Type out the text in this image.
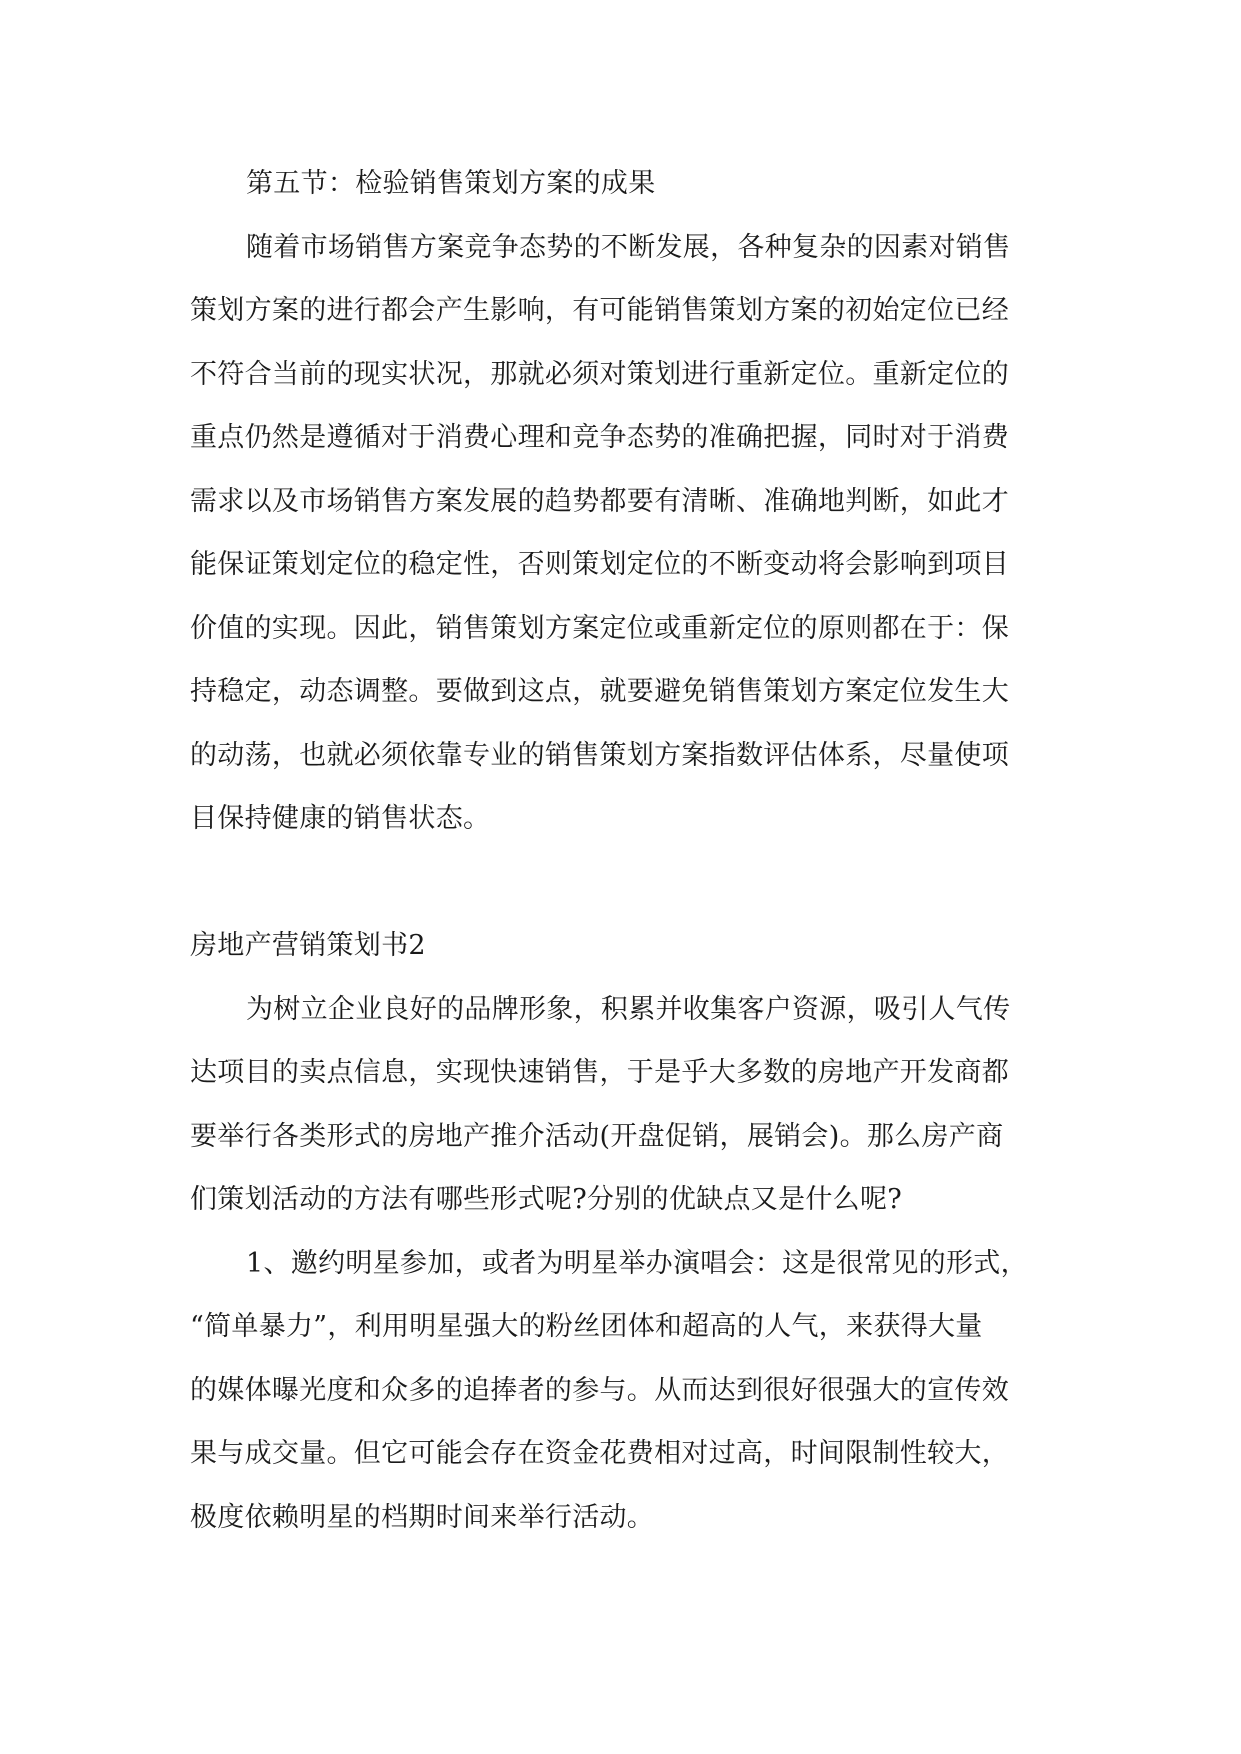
第五节：检验销售策划方案的成果
随着市场销售方案竞争态势的不断发展，各种复杂的因素对销售
策划方案的进行都会产生影响，有可能销售策划方案的初始定位已经
不符合当前的现实状况，那就必须对策划进行重新定位。重新定位的
重点仍然是遵循对于消费心理和竞争态势的准确把握，同时对于消费
需求以及市场销售方案发展的趋势都要有清晰、准确地判断，如此才
能保证策划定位的稳定性，否则策划定位的不断变动将会影响到项目
价值的实现。因此，销售策划方案定位或重新定位的原则都在于：保
持稳定，动态调整。要做到这点，就要避免销售策划方案定位发生大
的动荡，也就必须依靠专业的销售策划方案指数评估体系，尽量使项
目保持健康的销售状态。
房地产营销策划书2
为树立企业良好的品牌形象，积累并收集客户资源，吸引人气传
达项目的卖点信息，实现快速销售，于是乎大多数的房地产开发商都
要举行各类形式的房地产推介活动(开盘促销，展销会)。那么房产商
们策划活动的方法有哪些形式呢?分别的优缺点又是什么呢?
1、邀约明星参加，或者为明星举办演唱会：这是很常见的形式，
“简单暴力”，利用明星强大的粉丝团体和超高的人气，来获得大量
的媒体曝光度和众多的追捧者的参与。从而达到很好很强大的宣传效
果与成交量。但它可能会存在资金花费相对过高，时间限制性较大，
极度依赖明星的档期时间来举行活动。
